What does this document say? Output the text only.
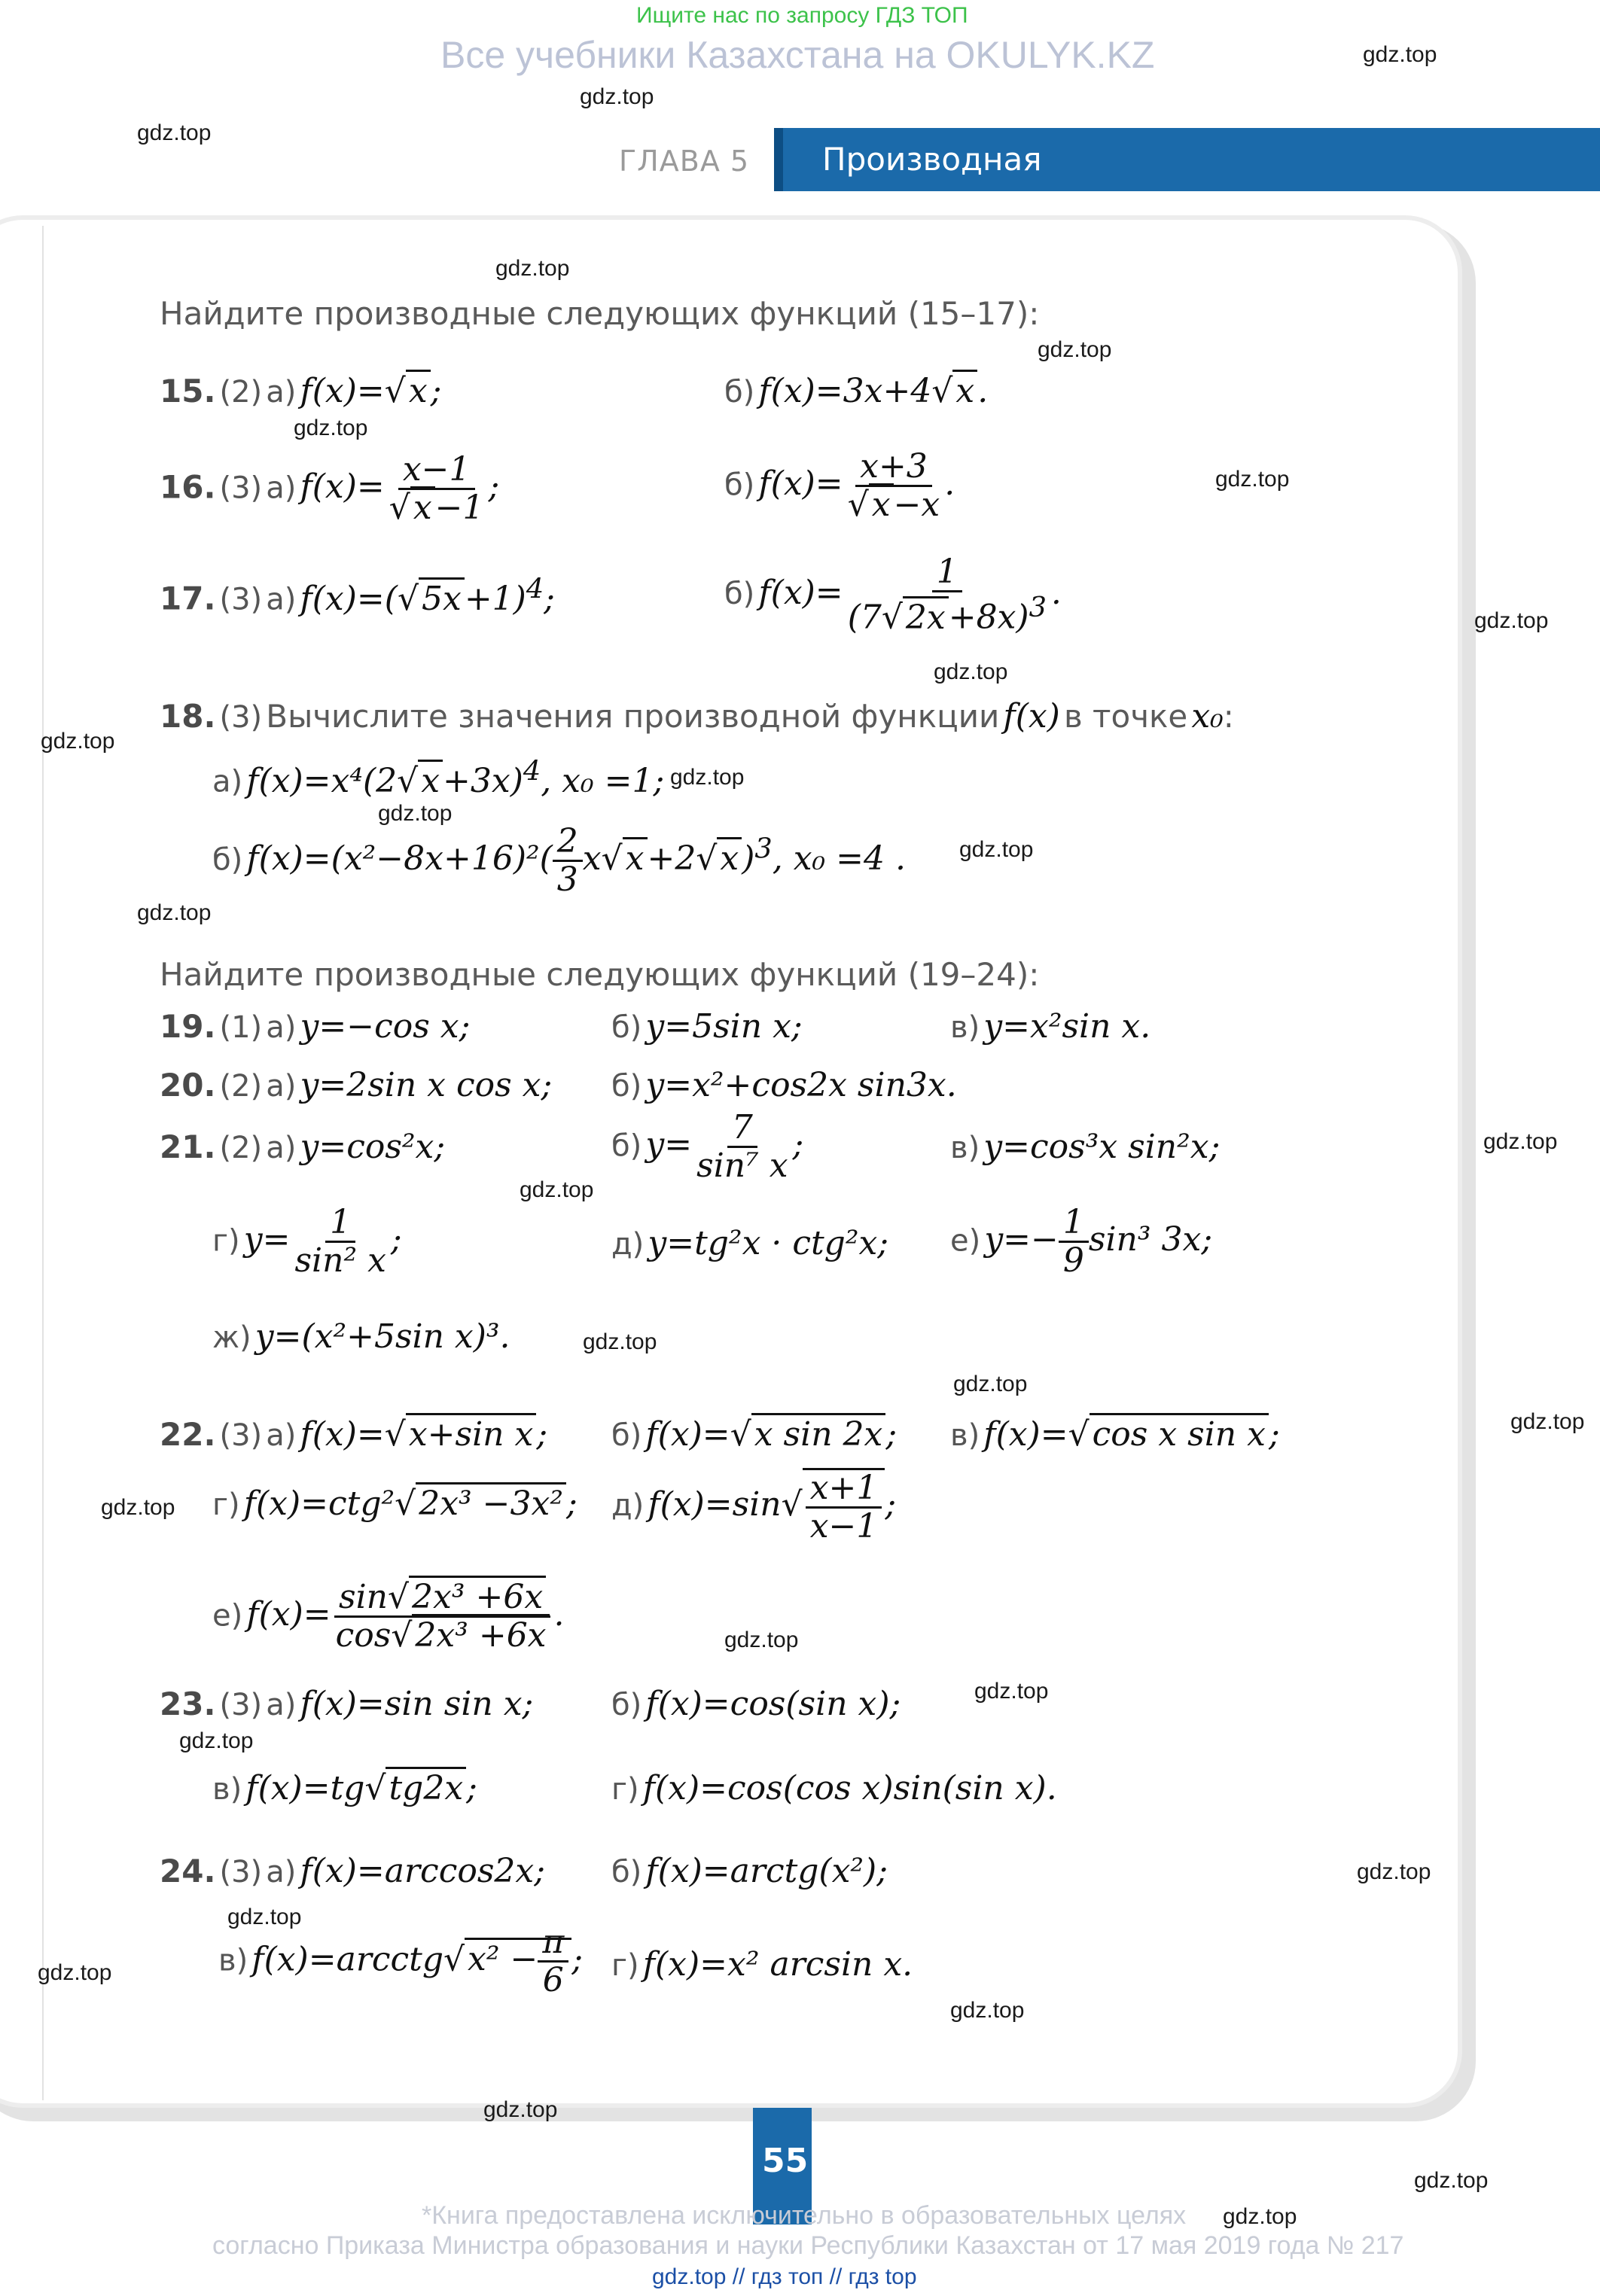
Ищите нас по запросу ГДЗ ТОП
Все учебники Казахстана на OKULYK.KZ
ГЛАВА 5 Производная
Найдите производные следующих функций (15–17):
15. (2) а) f(x)=√x;	б) f(x)=3x+4√x.
16. (3) а) $f(x)= \frac{x-1}{√x-1}$ ;	б) $f(x)= \frac{x+3}{√x-x}$ .
17. (3) а) $f(x)=(√5x+1)^4$;	б) $f(x)= \frac{1}{(7√2x+8x)^3}$ .
18. (3) Вычислите значения производной функции f(x) в точке x₀:
а) $f(x)=x^4(2√x+3x)^4$, x₀ =1;
б) $f(x)=(x^2-8x+16)^2( \frac{2}{3} x√x+2√x)^3$, x₀ =4 .
Найдите производные следующих функций (19–24):
19. (1) а) y=−cos x;	б) y=5sin x;	в) y=x²sin x.
20. (2) а) y=2sin x cos x; б) y=x²+cos2x sin3x.
21. (2) а) y=cos²x;	б) $y= \frac{7}{\text{sin⁷ x}}$ ;	в) y=cos³x sin²x;
г) $y= \frac{1}{\text{sin² x}}$ ;	д) y=tg²x · ctg²x; е) $y=- \frac{1}{9} \sin^3$ 3x;
ж) y=(x²+5sin x)³.
22. (3) а) f(x)=√x+sin x; б) f(x)=√x sin 2x; в) f(x)=√cos x sin x;
г) f(x)=ctg²√2x³ −3x²; д) $f(x)=\sin√ \frac{x+1}{x-1}$ ;
е) $f(x)= \frac{\text{sin√2x³ +6x}}{\text{cos√2x³ +6x}}$ .
23. (3) а) f(x)=sin sin x;	б) f(x)=cos(sin x);
в) f(x)=tg√tg2x;	г) f(x)=cos(cos x)sin(sin x).
24. (3) а) f(x)=arccos2x; б) f(x)=arctg(x²);
в) f(x)=arcctg√x² − $\frac{\pi}{6}$ ; г) f(x)=x² arcsin x.
gdz.top
gdz.top
gdz.top
gdz.top
gdz.top
gdz.top
gdz.top
gdz.top
gdz.top
gdz.top
gdz.top
gdz.top
gdz.top
gdz.top
gdz.top
gdz.top
gdz.top
gdz.top
gdz.top
gdz.top
gdz.top
gdz.top
gdz.top
gdz.top
gdz.top
gdz.top
gdz.top
gdz.top
gdz.top
gdz.top
55
*Книга предоставлена исключительно в образовательных целях
согласно Приказа Министра образования и науки Республики Казахстан от 17 мая 2019 года № 217
gdz.top // гдз топ // гдз top
